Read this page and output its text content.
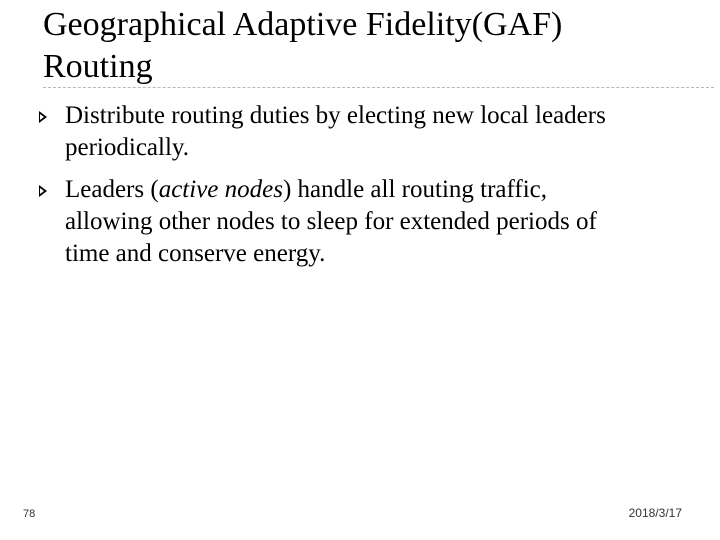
Geographical Adaptive Fidelity(GAF)
Routing
Distribute routing duties by electing new local leaders
periodically.
Leaders (active nodes) handle all routing traffic,
allowing other nodes to sleep for extended periods of
time and conserve energy.
78	2018/3/17
